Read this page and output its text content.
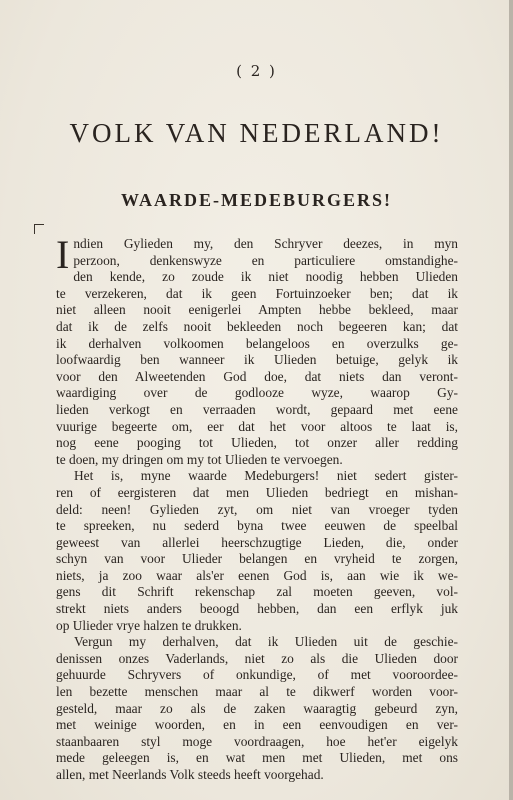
( 2 )
VOLK VAN NEDERLAND!
WAARDE-MEDEBURGERS!
I ndien Gylieden my, den Schryver deezes, in myn
perzoon, denkenswyze en particuliere omstandighe-
den kende, zo zoude ik niet noodig hebben Ulieden
te verzekeren, dat ik geen Fortuinzoeker ben; dat ik
niet alleen nooit eenigerlei Ampten hebbe bekleed, maar
dat ik de zelfs nooit bekleeden noch begeeren kan; dat
ik derhalven volkoomen belangeloos en overzulks ge-
loofwaardig ben wanneer ik Ulieden betuige, gelyk ik
voor den Alweetenden God doe, dat niets dan veront-
waardiging over de godlooze wyze, waarop Gy-
lieden verkogt en verraaden wordt, gepaard met eene
vuurige begeerte om, eer dat het voor altoos te laat is,
nog eene pooging tot Ulieden, tot onzer aller redding
te doen, my dringen om my tot Ulieden te vervoegen.
Het is, myne waarde Medeburgers! niet sedert gister-
ren of eergisteren dat men Ulieden bedriegt en mishan-
deld: neen! Gylieden zyt, om niet van vroeger tyden
te spreeken, nu sederd byna twee eeuwen de speelbal
geweest van allerlei heerschzugtige Lieden, die, onder
schyn van voor Ulieder belangen en vryheid te zorgen,
niets, ja zoo waar als'er eenen God is, aan wie ik we-
gens dit Schrift rekenschap zal moeten geeven, vol-
strekt niets anders beoogd hebben, dan een erflyk juk
op Ulieder vrye halzen te drukken.
Vergun my derhalven, dat ik Ulieden uit de geschie-
denissen onzes Vaderlands, niet zo als die Ulieden door
gehuurde Schryvers of onkundige, of met vooroordee-
len bezette menschen maar al te dikwerf worden voor-
gesteld, maar zo als de zaken waaragtig gebeurd zyn,
met weinige woorden, en in een eenvoudigen en ver-
staanbaaren styl moge voordraagen, hoe het'er eigelyk
mede geleegen is, en wat men met Ulieden, met ons
allen, met Neerlands Volk steeds heeft voorgehad.
